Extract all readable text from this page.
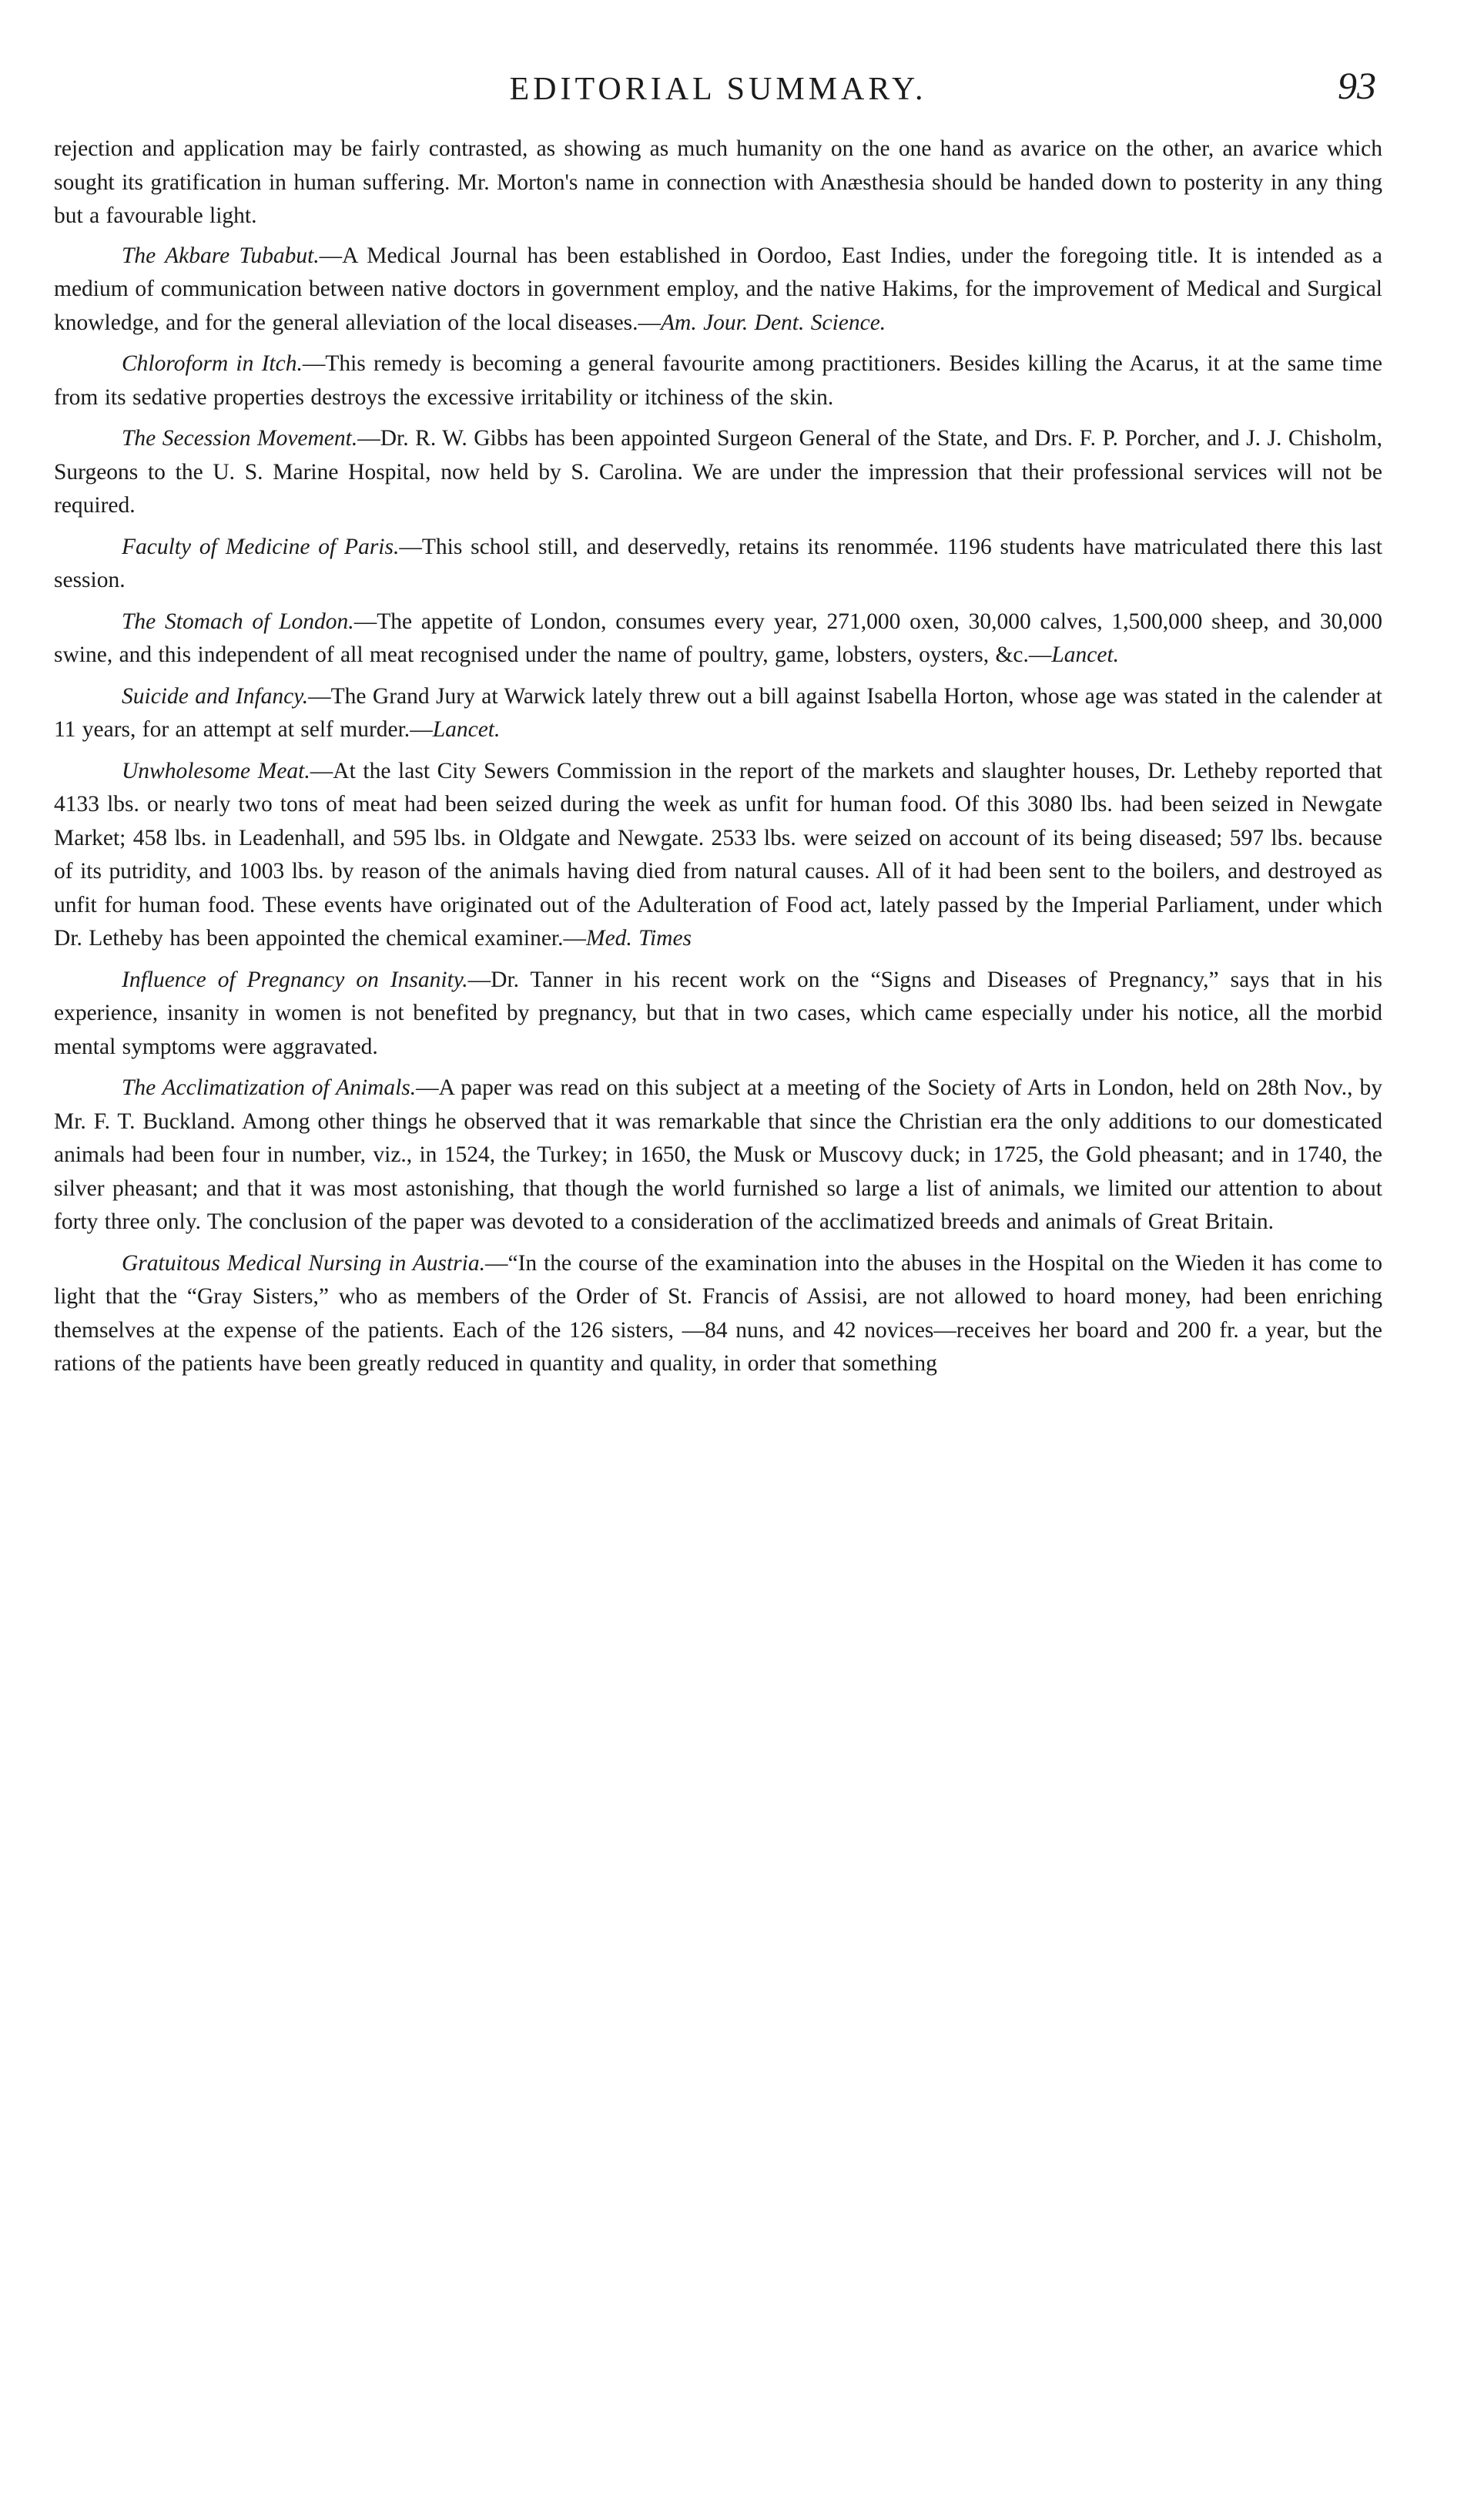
EDITORIAL SUMMARY.	93

rejection and application may be fairly contrasted, as showing as much humanity on the one hand as avarice on the other, an avarice which sought its gratification in human suffering. Mr. Morton's name in connection with Anæsthesia should be handed down to posterity in any thing but a favourable light.

The Akbare Tubabut.—A Medical Journal has been established in Oordoo, East Indies, under the foregoing title. It is intended as a medium of communication between native doctors in government employ, and the native Hakims, for the improvement of Medical and Surgical knowledge, and for the general alleviation of the local diseases.—Am. Jour. Dent. Science.

Chloroform in Itch.—This remedy is becoming a general favourite among practitioners. Besides killing the Acarus, it at the same time from its sedative properties destroys the excessive irritability or itchiness of the skin.

The Secession Movement.—Dr. R. W. Gibbs has been appointed Surgeon General of the State, and Drs. F. P. Porcher, and J. J. Chisholm, Surgeons to the U. S. Marine Hospital, now held by S. Carolina. We are under the impression that their professional services will not be required.

Faculty of Medicine of Paris.—This school still, and deservedly, retains its renommée. 1196 students have matriculated there this last session.

The Stomach of London.—The appetite of London, consumes every year, 271,000 oxen, 30,000 calves, 1,500,000 sheep, and 30,000 swine, and this independent of all meat recognised under the name of poultry, game, lobsters, oysters, &c.—Lancet.

Suicide and Infancy.—The Grand Jury at Warwick lately threw out a bill against Isabella Horton, whose age was stated in the calender at 11 years, for an attempt at self murder.—Lancet.

Unwholesome Meat.—At the last City Sewers Commission in the report of the markets and slaughter houses, Dr. Letheby reported that 4133 lbs. or nearly two tons of meat had been seized during the week as unfit for human food. Of this 3080 lbs. had been seized in Newgate Market; 458 lbs. in Leadenhall, and 595 lbs. in Oldgate and Newgate. 2533 lbs. were seized on account of its being diseased; 597 lbs. because of its putridity, and 1003 lbs. by reason of the animals having died from natural causes. All of it had been sent to the boilers, and destroyed as unfit for human food. These events have originated out of the Adulteration of Food act, lately passed by the Imperial Parliament, under which Dr. Letheby has been appointed the chemical examiner.—Med. Times

Influence of Pregnancy on Insanity.—Dr. Tanner in his recent work on the “Signs and Diseases of Pregnancy,” says that in his experience, insanity in women is not benefited by pregnancy, but that in two cases, which came especially under his notice, all the morbid mental symptoms were aggravated.

The Acclimatization of Animals.—A paper was read on this subject at a meeting of the Society of Arts in London, held on 28th Nov., by Mr. F. T. Buckland. Among other things he observed that it was remarkable that since the Christian era the only additions to our domesticated animals had been four in number, viz., in 1524, the Turkey; in 1650, the Musk or Muscovy duck; in 1725, the Gold pheasant; and in 1740, the silver pheasant; and that it was most astonishing, that though the world furnished so large a list of animals, we limited our attention to about forty three only. The conclusion of the paper was devoted to a consideration of the acclimatized breeds and animals of Great Britain.

Gratuitous Medical Nursing in Austria.—“In the course of the examination into the abuses in the Hospital on the Wieden it has come to light that the “Gray Sisters,” who as members of the Order of St. Francis of Assisi, are not allowed to hoard money, had been enriching themselves at the expense of the patients. Each of the 126 sisters, —84 nuns, and 42 novices—receives her board and 200 fr. a year, but the rations of the patients have been greatly reduced in quantity and quality, in order that something
